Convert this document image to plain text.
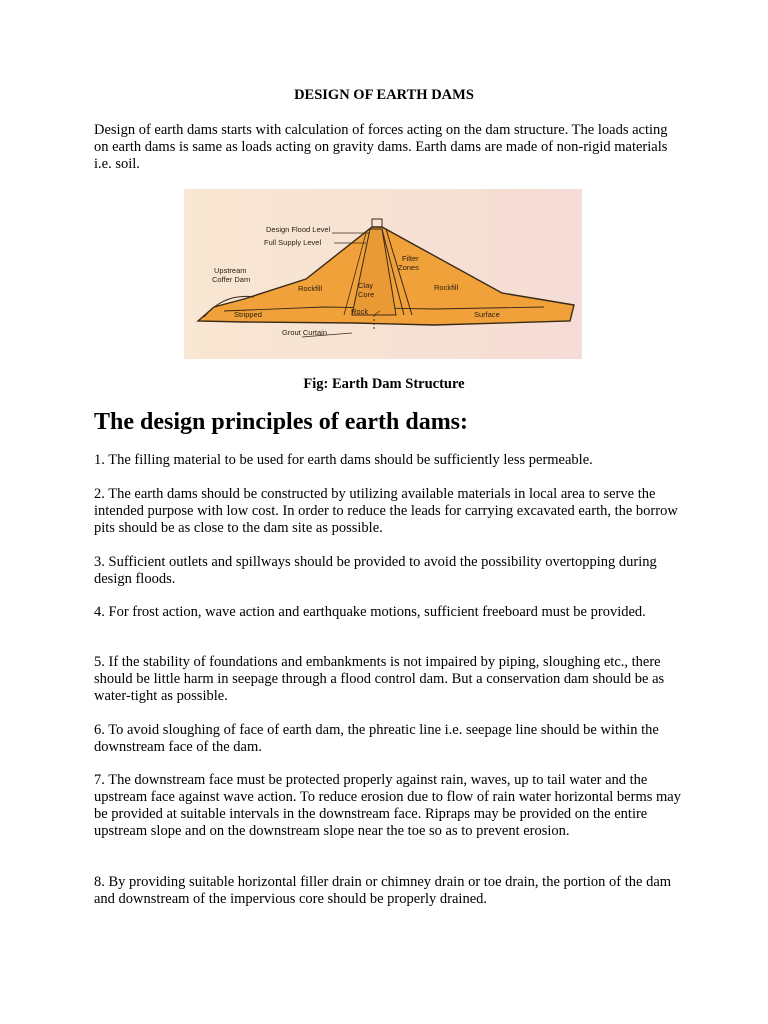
DESIGN OF EARTH DAMS
Design of earth dams starts with calculation of forces acting on the dam structure. The loads acting on earth dams is same as loads acting on gravity dams. Earth dams are made of non-rigid materials i.e. soil.
Design Flood Level
Full Supply Level
Upstream
Coffer Dam
Filter
Zones
Rockfill	Clay
Core
Rockfill
Stripped	Rock	Surface
Grout Curtain
Fig: Earth Dam Structure
The design principles of earth dams:
1. The filling material to be used for earth dams should be sufficiently less permeable.
2. The earth dams should be constructed by utilizing available materials in local area to serve the intended purpose with low cost. In order to reduce the leads for carrying excavated earth, the borrow pits should be as close to the dam site as possible.
3. Sufficient outlets and spillways should be provided to avoid the possibility overtopping during design floods.
4. For frost action, wave action and earthquake motions, sufficient freeboard must be provided.
5. If the stability of foundations and embankments is not impaired by piping, sloughing etc., there should be little harm in seepage through a flood control dam. But a conservation dam should be as water-tight as possible.
6. To avoid sloughing of face of earth dam, the phreatic line i.e. seepage line should be within the downstream face of the dam.
7. The downstream face must be protected properly against rain, waves, up to tail water and the upstream face against wave action. To reduce erosion due to flow of rain water horizontal berms may be provided at suitable intervals in the downstream face. Ripraps may be provided on the entire upstream slope and on the downstream slope near the toe so as to prevent erosion.
8. By providing suitable horizontal filler drain or chimney drain or toe drain, the portion of the dam and downstream of the impervious core should be properly drained.
